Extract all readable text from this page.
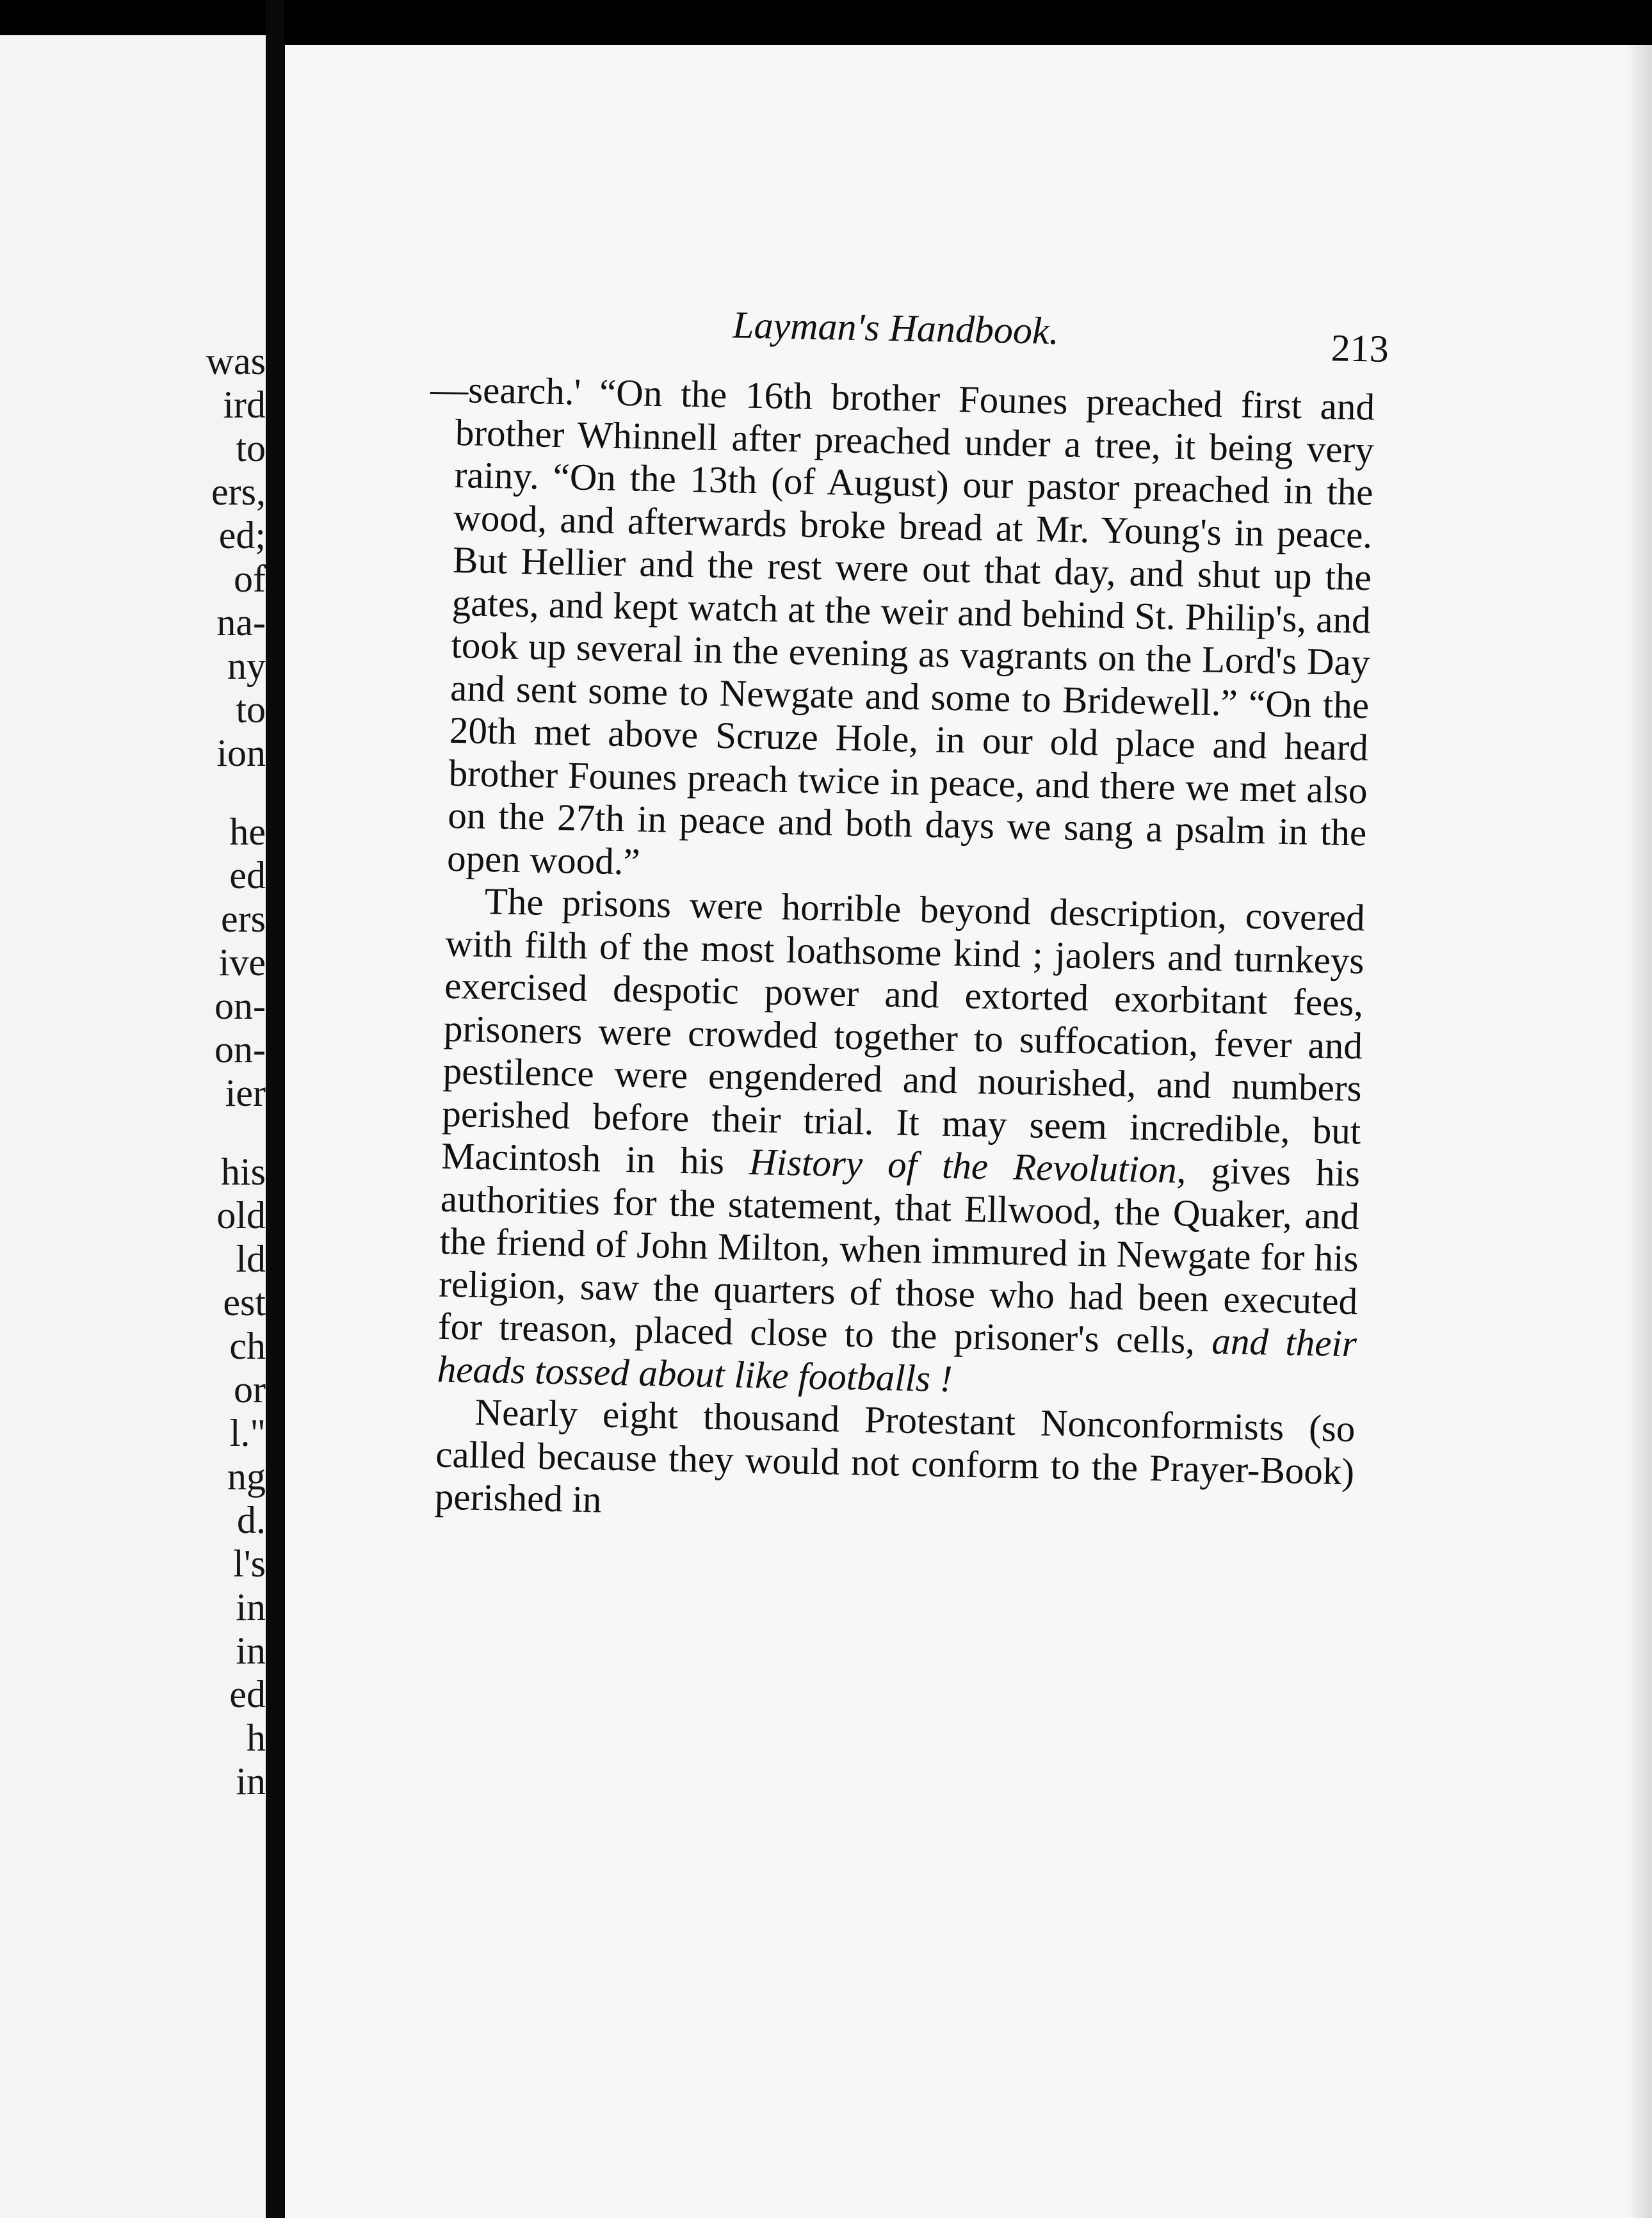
was
ird
to
ers,
ed;
of
na-
ny
to
ion
he
ed
ers
ive
on-
on-
ier
his
old
ld
est
ch
or
l."
ng
d.
l's
in
in
ed
h
in
Layman's Handbook.	213

—search.' “On the 16th brother Founes preached first and brother Whinnell after preached under a tree, it being very rainy. “On the 13th (of August) our pastor preached in the wood, and afterwards broke bread at Mr. Young's in peace. But Hellier and the rest were out that day, and shut up the gates, and kept watch at the weir and behind St. Philip's, and took up several in the evening as vagrants on the Lord's Day and sent some to Newgate and some to Bridewell.” “On the 20th met above Scruze Hole, in our old place and heard brother Founes preach twice in peace, and there we met also on the 27th in peace and both days we sang a psalm in the open wood.”

The prisons were horrible beyond description, covered with filth of the most loathsome kind ; jaolers and turnkeys exercised despotic power and extorted exorbitant fees, prisoners were crowded together to suffocation, fever and pestilence were engendered and nourished, and numbers perished before their trial. It may seem incredible, but Macintosh in his History of the Revolution, gives his authorities for the statement, that Ellwood, the Quaker, and the friend of John Milton, when immured in Newgate for his religion, saw the quarters of those who had been executed for treason, placed close to the prisoner's cells, and their heads tossed about like footballs !

Nearly eight thousand Protestant Nonconformists (so called because they would not conform to the Prayer-Book) perished in
